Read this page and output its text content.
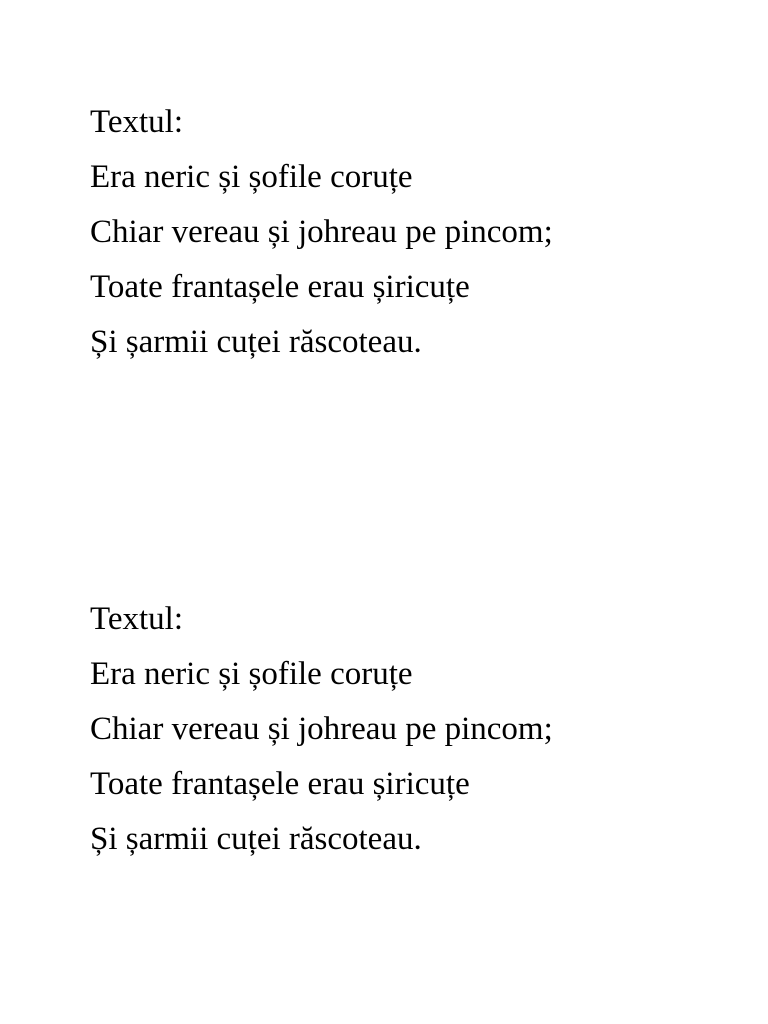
Textul:

Era neric și șofile coruțe

Chiar vereau și johreau pe pincom;

Toate frantașele erau șiricuțe

Și șarmii cuței răscoteau.

Textul:

Era neric și șofile coruțe

Chiar vereau și johreau pe pincom;

Toate frantașele erau șiricuțe

Și șarmii cuței răscoteau.
